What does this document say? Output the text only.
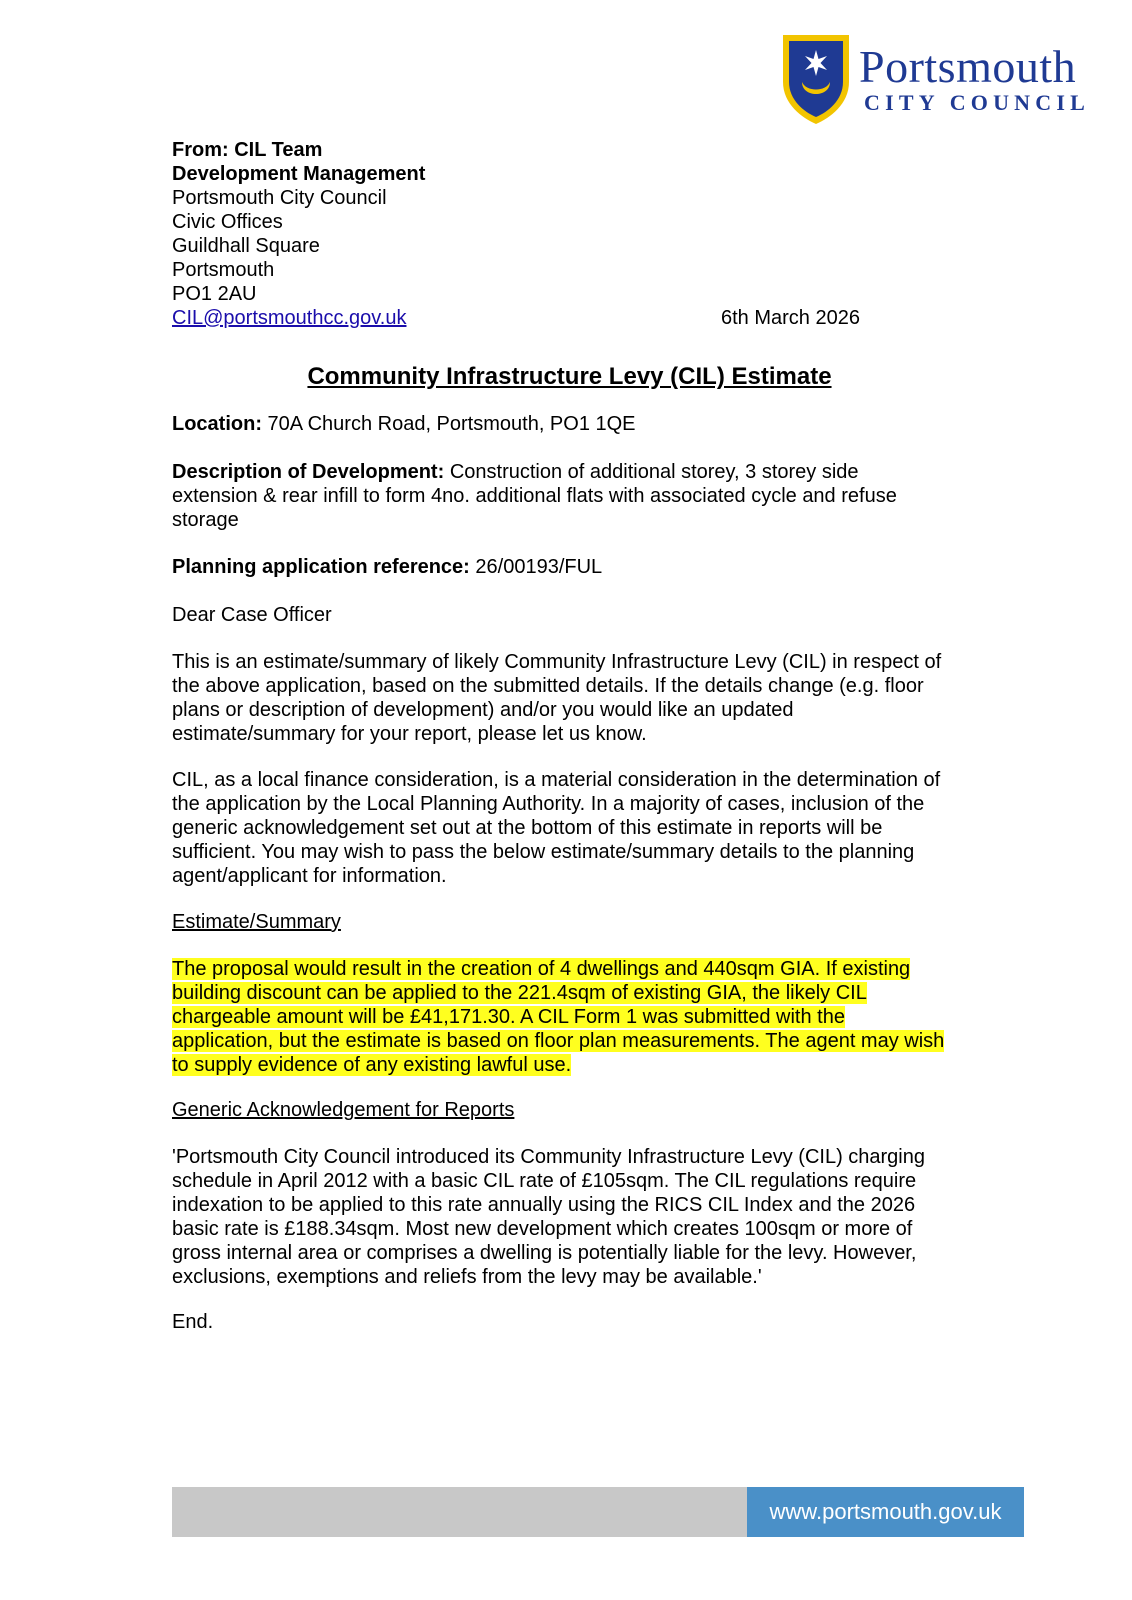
Portsmouth
CITY COUNCIL
From: CIL Team
Development Management
Portsmouth City Council
Civic Offices
Guildhall Square
Portsmouth
PO1 2AU
CIL@portsmouthcc.gov.uk	6th March 2026
Community Infrastructure Levy (CIL) Estimate
Location: 70A Church Road, Portsmouth, PO1 1QE
Description of Development: Construction of additional storey, 3 storey side extension & rear infill to form 4no. additional flats with associated cycle and refuse storage
Planning application reference: 26/00193/FUL
Dear Case Officer
This is an estimate/summary of likely Community Infrastructure Levy (CIL) in respect of the above application, based on the submitted details. If the details change (e.g. floor plans or description of development) and/or you would like an updated estimate/summary for your report, please let us know.
CIL, as a local finance consideration, is a material consideration in the determination of the application by the Local Planning Authority. In a majority of cases, inclusion of the generic acknowledgement set out at the bottom of this estimate in reports will be sufficient. You may wish to pass the below estimate/summary details to the planning agent/applicant for information.
Estimate/Summary
The proposal would result in the creation of 4 dwellings and 440sqm GIA. If existing building discount can be applied to the 221.4sqm of existing GIA, the likely CIL chargeable amount will be £41,171.30. A CIL Form 1 was submitted with the application, but the estimate is based on floor plan measurements. The agent may wish to supply evidence of any existing lawful use.
Generic Acknowledgement for Reports
'Portsmouth City Council introduced its Community Infrastructure Levy (CIL) charging schedule in April 2012 with a basic CIL rate of £105sqm. The CIL regulations require indexation to be applied to this rate annually using the RICS CIL Index and the 2026 basic rate is £188.34sqm. Most new development which creates 100sqm or more of gross internal area or comprises a dwelling is potentially liable for the levy. However, exclusions, exemptions and reliefs from the levy may be available.'
End.
www.portsmouth.gov.uk
